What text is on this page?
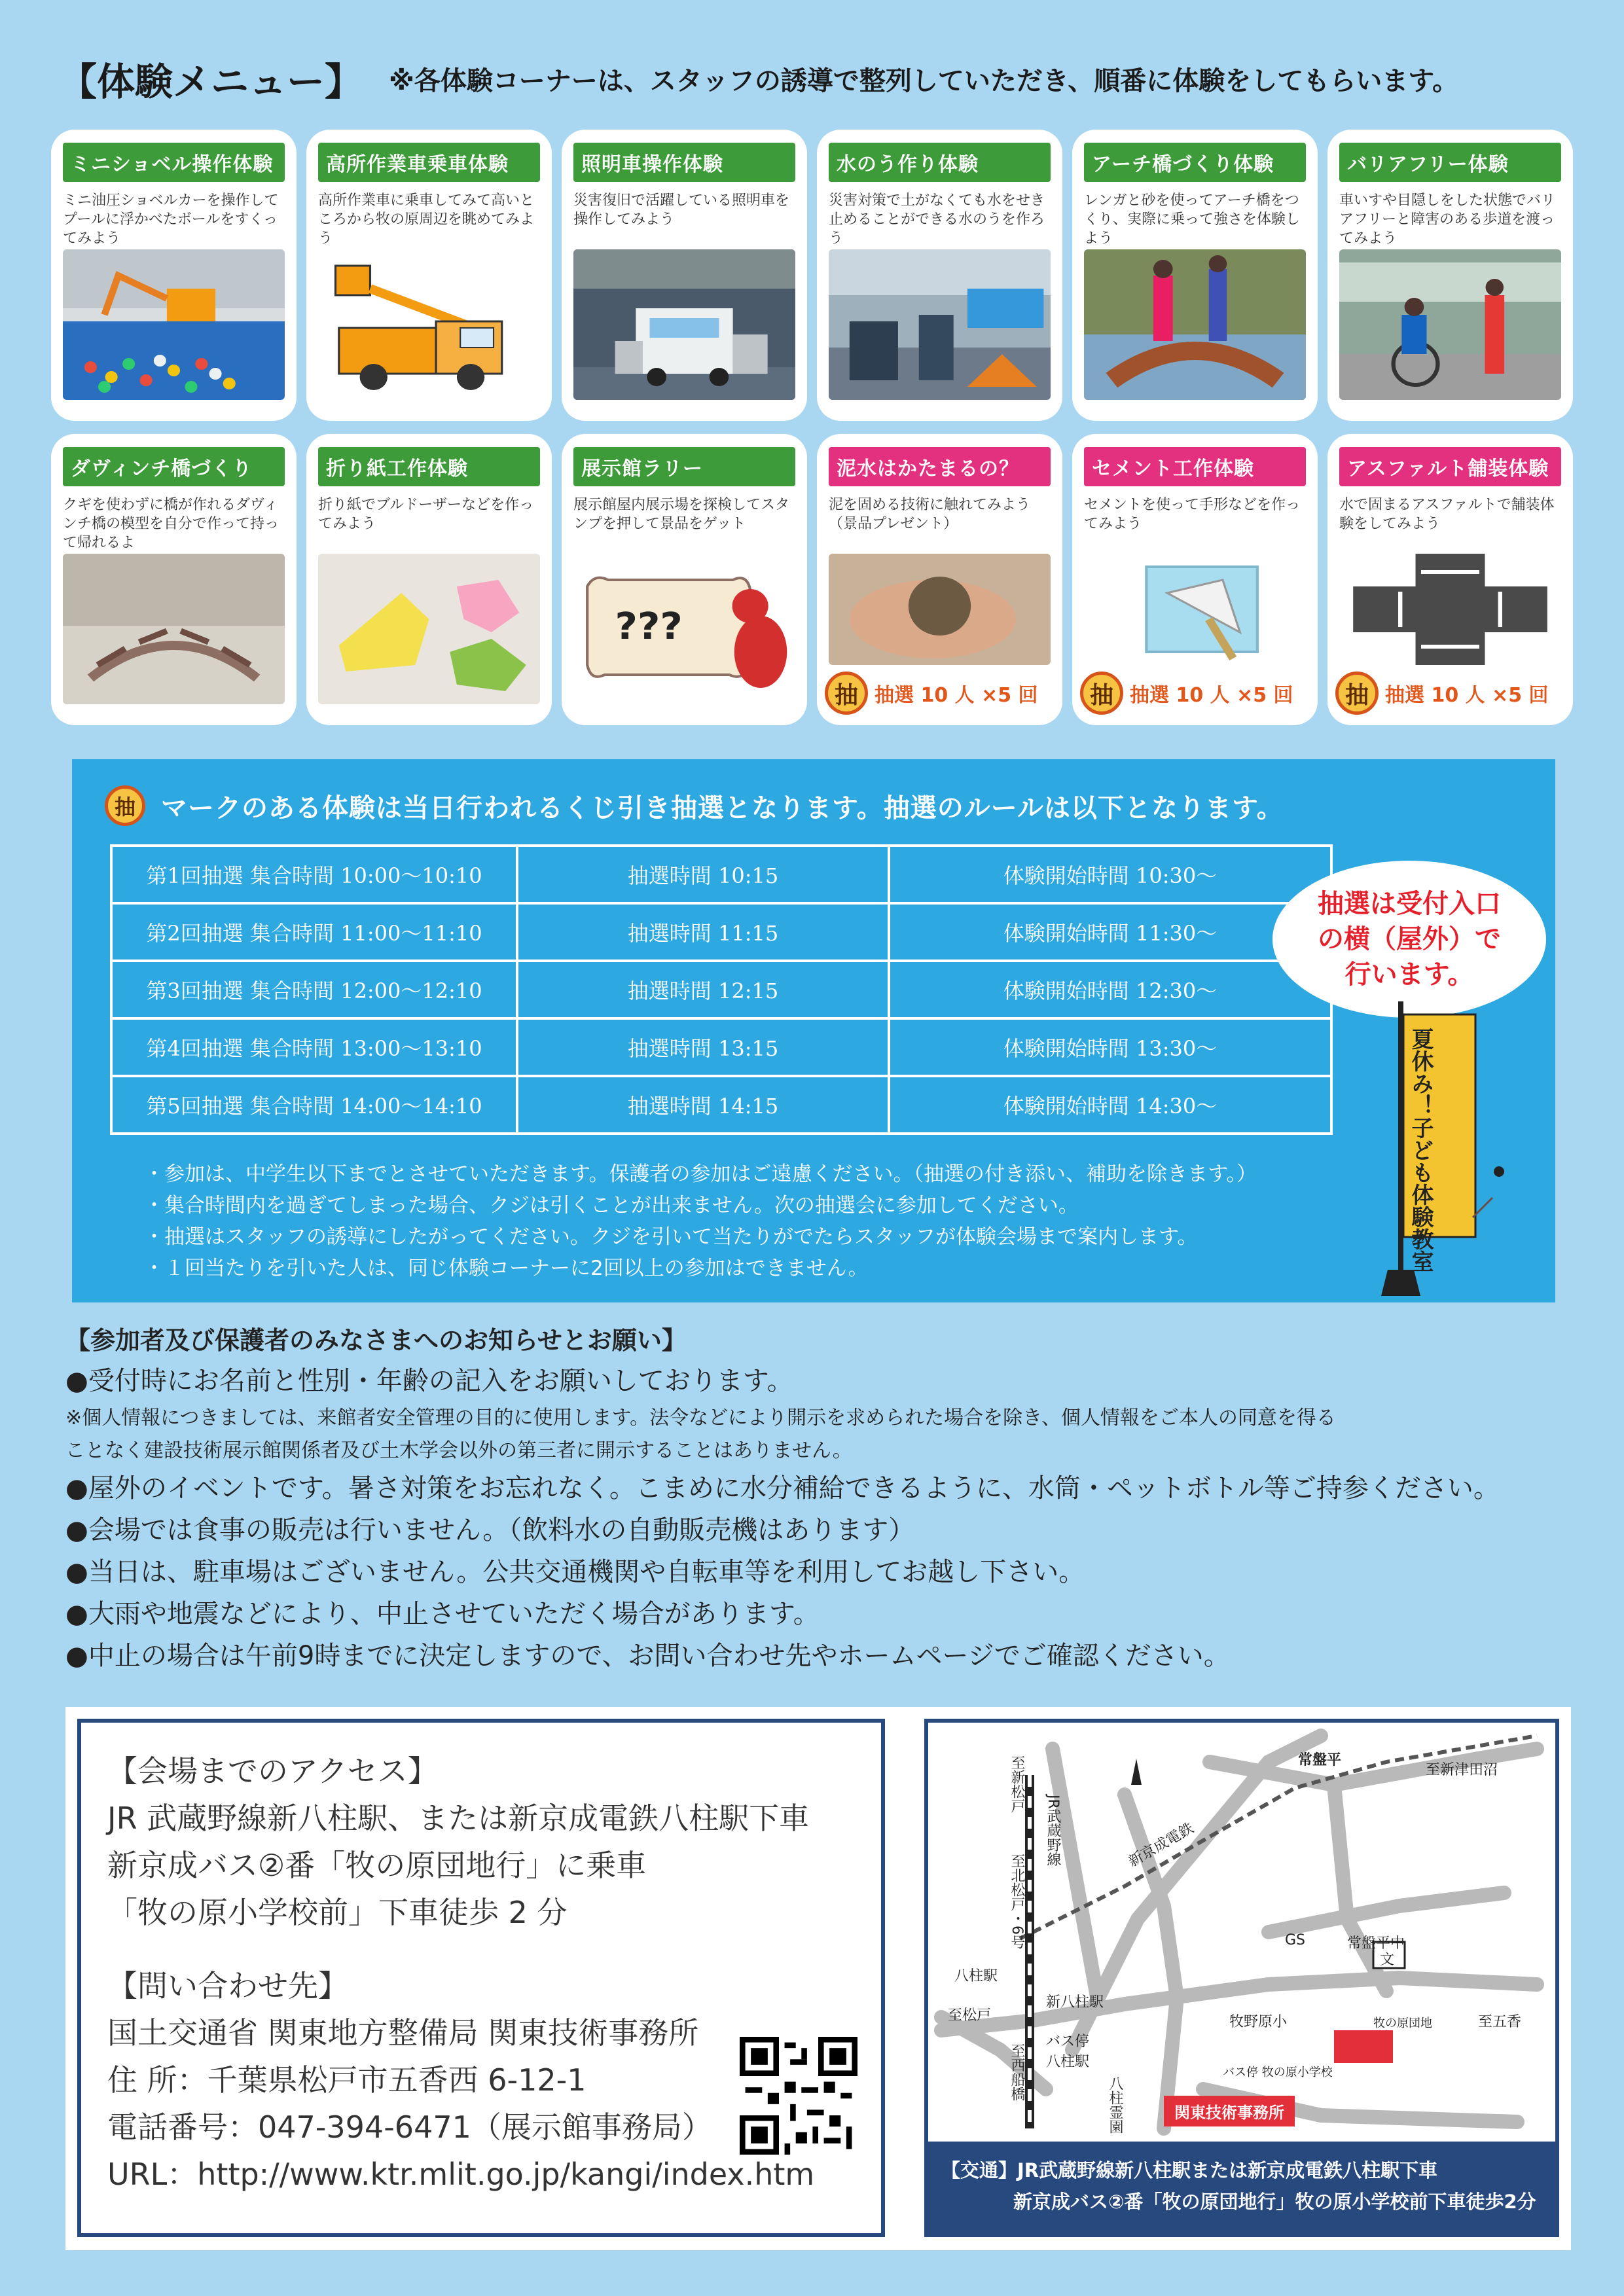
【体験メニュー】 ※各体験コーナーは、スタッフの誘導で整列していただき、順番に体験をしてもらいます。
ミニショベル操作体験
ミニ油圧ショベルカーを操作してプールに浮かべたボールをすくってみよう
高所作業車乗車体験
高所作業車に乗車してみて高いところから牧の原周辺を眺めてみよう
照明車操作体験
災害復旧で活躍している照明車を操作してみよう
水のう作り体験
災害対策で土がなくても水をせき止めることができる水のうを作ろう
アーチ橋づくり体験
レンガと砂を使ってアーチ橋をつくり、実際に乗って強さを体験しよう
バリアフリー体験
車いすや目隠しをした状態でバリアフリーと障害のある歩道を渡ってみよう
ダヴィンチ橋づくり
クギを使わずに橋が作れるダヴィンチ橋の模型を自分で作って持って帰れるよ
折り紙工作体験
折り紙でブルドーザーなどを作ってみよう
展示館ラリー
展示館屋内展示場を探検してスタンプを押して景品をゲット
???
泥水はかたまるの？
泥を固める技術に触れてみよう（景品プレゼント）
抽 抽選 10 人 ×5 回
セメント工作体験
セメントを使って手形などを作ってみよう
抽 抽選 10 人 ×5 回
アスファルト舗装体験
水で固まるアスファルトで舗装体験をしてみよう
抽 抽選 10 人 ×5 回
抽 マークのある体験は当日行われるくじ引き抽選となります。抽選のルールは以下となります。
第1回抽選 集合時間 10:00〜10:10	抽選時間 10:15	体験開始時間 10:30〜
第2回抽選 集合時間 11:00〜11:10	抽選時間 11:15	体験開始時間 11:30〜
第3回抽選 集合時間 12:00〜12:10	抽選時間 12:15	体験開始時間 12:30〜
第4回抽選 集合時間 13:00〜13:10	抽選時間 13:15	体験開始時間 13:30〜
第5回抽選 集合時間 14:00〜14:10	抽選時間 14:15	体験開始時間 14:30〜
抽選は受付入口の横（屋外）で行います。
夏休み！子ども体験教室
・参加は、中学生以下までとさせていただきます。保護者の参加はご遠慮ください。（抽選の付き添い、補助を除きます。）
・集合時間内を過ぎてしまった場合、クジは引くことが出来ません。次の抽選会に参加してください。
・抽選はスタッフの誘導にしたがってください。クジを引いて当たりがでたらスタッフが体験会場まで案内します。
・１回当たりを引いた人は、同じ体験コーナーに2回以上の参加はできません。
【参加者及び保護者のみなさまへのお知らせとお願い】
●受付時にお名前と性別・年齢の記入をお願いしております。
※個人情報につきましては、来館者安全管理の目的に使用します。法令などにより開示を求められた場合を除き、個人情報をご本人の同意を得る
ことなく建設技術展示館関係者及び土木学会以外の第三者に開示することはありません。
●屋外のイベントです。暑さ対策をお忘れなく。こまめに水分補給できるように、水筒・ペットボトル等ご持参ください。
●会場では食事の販売は行いません。（飲料水の自動販売機はあります）
●当日は、駐車場はございません。公共交通機関や自転車等を利用してお越し下さい。
●大雨や地震などにより、中止させていただく場合があります。
●中止の場合は午前9時までに決定しますので、お問い合わせ先やホームページでご確認ください。
【会場までのアクセス】
JR 武蔵野線新八柱駅、または新京成電鉄八柱駅下車
新京成バス②番「牧の原団地行」に乗車
「牧の原小学校前」下車徒歩 2 分
【問い合わせ先】
国土交通省 関東地方整備局 関東技術事務所
住 所：千葉県松戸市五香西 6-12-1
電話番号：047-394-6471（展示館事務局）
URL：http://www.ktr.mlit.go.jp/kangi/index.htm
常盤平
至新津田沼
至新松戸
JR武蔵野線	新京成電鉄
至北松戸・6号	GS	常盤平中
文
八柱駅
新八柱駅
至松戸
バス停 八柱駅
牧野原小	牧の原団地	至五香
至西船橋	バス停 牧の原小学校
八柱霊園	関東技術事務所
【交通】JR武蔵野線新八柱駅または新京成電鉄八柱駅下車
新京成バス②番「牧の原団地行」牧の原小学校前下車徒歩2分
